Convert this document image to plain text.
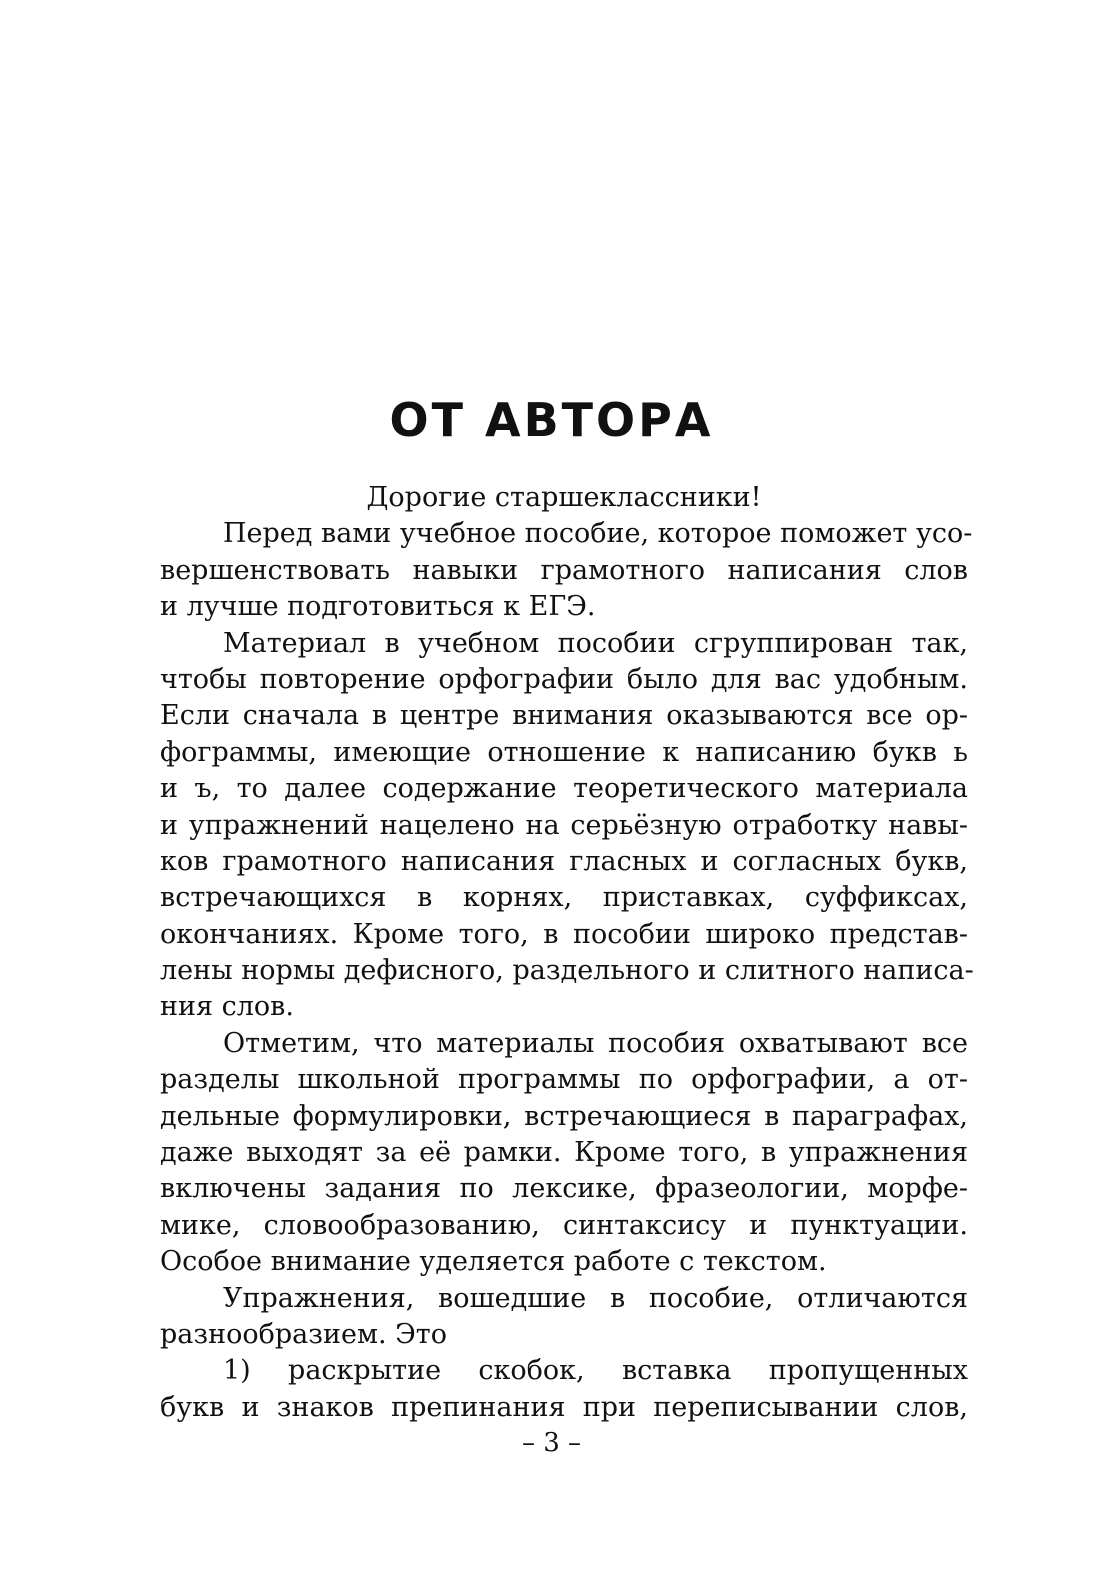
ОТ АВТОРА
Дорогие старшеклассники!
Перед вами учебное пособие, которое поможет усо-
вершенствовать навыки грамотного написания слов
и лучше подготовиться к ЕГЭ.
Материал в учебном пособии сгруппирован так,
чтобы повторение орфографии было для вас удобным.
Если сначала в центре внимания оказываются все ор-
фограммы, имеющие отношение к написанию букв ь
и ъ, то далее содержание теоретического материала
и упражнений нацелено на серьёзную отработку навы-
ков грамотного написания гласных и согласных букв,
встречающихся в корнях, приставках, суффиксах,
окончаниях. Кроме того, в пособии широко представ-
лены нормы дефисного, раздельного и слитного написа-
ния слов.
Отметим, что материалы пособия охватывают все
разделы школьной программы по орфографии, а от-
дельные формулировки, встречающиеся в параграфах,
даже выходят за её рамки. Кроме того, в упражнения
включены задания по лексике, фразеологии, морфе-
мике, словообразованию, синтаксису и пунктуации.
Особое внимание уделяется работе с текстом.
Упражнения, вошедшие в пособие, отличаются
разнообразием. Это
1) раскрытие скобок, вставка пропущенных
букв и знаков препинания при переписывании слов,
– 3 –
